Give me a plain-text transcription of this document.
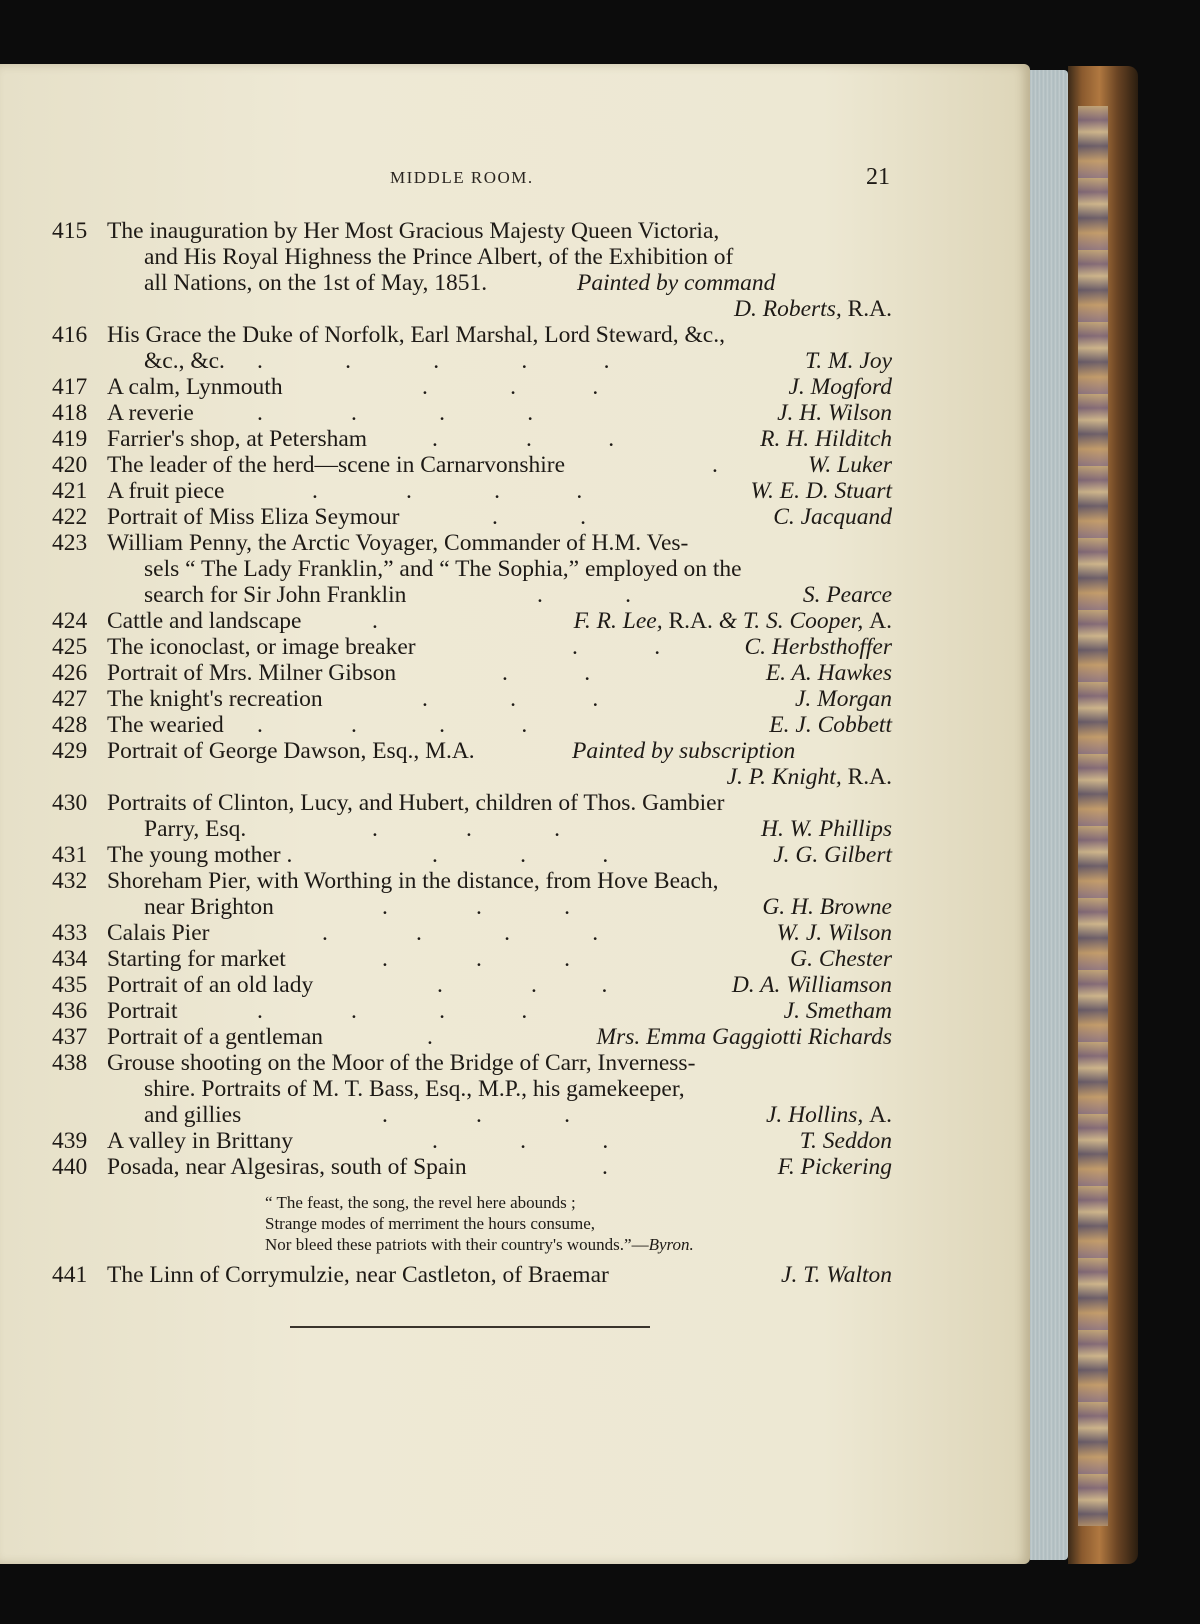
MIDDLE ROOM.	21
415 The inauguration by Her Most Gracious Majesty Queen Victoria,
and His Royal Highness the Prince Albert, of the Exhibition of
all Nations, on the 1st of May, 1851.	Painted by command
D. Roberts, R.A.
416 His Grace the Duke of Norfolk, Earl Marshal, Lord Steward, &c.,
&c., &c. .              .              .              .             .	T. M. Joy
417 A calm, Lynmouth	.              .             .	J. Mogford
418 A reverie	.               .              .              .	J. H. Wilson
419 Farrier's shop, at Petersham	.               .             .	R. H. Hilditch
420 The leader of the herd—scene in Carnarvonshire	.	W. Luker
421 A fruit piece	.               .              .             .	W. E. D. Stuart
422 Portrait of Miss Eliza Seymour	.              .	C. Jacquand
423 William Penny, the Arctic Voyager, Commander of H.M. Ves-
sels “ The Lady Franklin,” and “ The Sophia,” employed on the
search for Sir John Franklin	.              .	S. Pearce
424 Cattle and landscape	.	F. R. Lee, R.A. & T. S. Cooper, A.
425 The iconoclast, or image breaker	.             .	C. Herbsthoffer
426 Portrait of Mrs. Milner Gibson	.             .	E. A. Hawkes
427 The knight's recreation	.              .             .	J. Morgan
428 The wearied .               .              .             .	E. J. Cobbett
429 Portrait of George Dawson, Esq., M.A.	Painted by subscription
J. P. Knight, R.A.
430 Portraits of Clinton, Lucy, and Hubert, children of Thos. Gambier
Parry, Esq.	.               .              .	H. W. Phillips
431 The young mother .	.              .             .	J. G. Gilbert
432 Shoreham Pier, with Worthing in the distance, from Hove Beach,
near Brighton	.               .              .	G. H. Browne
433 Calais Pier	.               .              .              .	W. J. Wilson
434 Starting for market	.               .              .	G. Chester
435 Portrait of an old lady	.               .           .	D. A. Williamson
436 Portrait	.               .              .             .	J. Smetham
437 Portrait of a gentleman	.	Mrs. Emma Gaggiotti Richards
438 Grouse shooting on the Moor of the Bridge of Carr, Inverness-
shire. Portraits of M. T. Bass, Esq., M.P., his gamekeeper,
and gillies	.               .              .	J. Hollins, A.
439 A valley in Brittany	.              .             .	T. Seddon
440 Posada, near Algesiras, south of Spain	.	F. Pickering
“ The feast, the song, the revel here abounds ;
Strange modes of merriment the hours consume,
Nor bleed these patriots with their country's wounds.”—Byron.
441 The Linn of Corrymulzie, near Castleton, of Braemar	J. T. Walton
